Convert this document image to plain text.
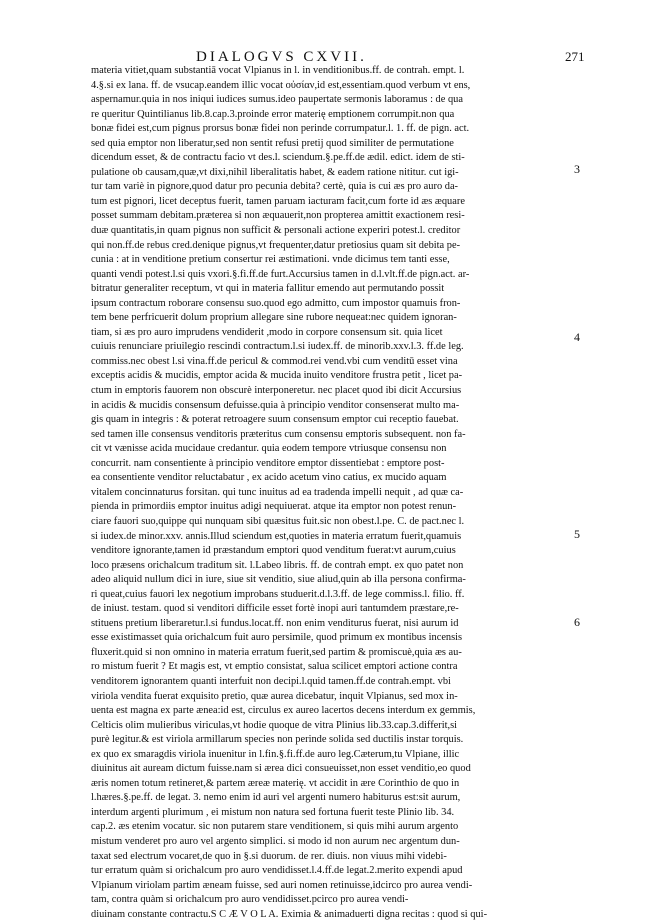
DIALOGVS CXVII.	271
materia vitiet,quam substantiā vocat Vlpianus in l. in venditionibus.ff. de contrah. empt. l.
4.§.si ex lana. ff. de vsucap.eandem illic vocat οὐσίαν,id est,essentiam.quod verbum vt ens,
aspernamur.quia in nos iniqui iudices sumus.ideo paupertate sermonis laboramus : de qua
re queritur Quintilianus lib.8.cap.3.proinde error materię emptionem corrumpit.non qua
bonæ fidei est,cum pignus prorsus bonæ fidei non perinde corrumpatur.l. 1. ff. de pign. act.
sed quia emptor non liberatur,sed non sentit refusi pretij quod similiter de permutatione
dicendum esset, & de contractu facio vt des.l. sciendum.§.pe.ff.de ædil. edict. idem de sti-
pulatione ob causam,quæ,vt dixi,nihil liberalitatis habet, & eadem ratione nititur. cut igi-
tur tam variè in pignore,quod datur pro pecunia debita? certè, quia is cui æs pro auro da-
tum est pignori, licet deceptus fuerit, tamen paruam iacturam facit,cum forte id æs æquare
posset summam debitam.præterea si non æquauerit,non propterea amittit exactionem resi-
duæ quantitatis,in quam pignus non sufficit & personali actione experiri potest.l. creditor
qui non.ff.de rebus cred.denique pignus,vt frequenter,datur pretiosius quam sit debita pe-
cunia : at in venditione pretium consertur rei æstimationi. vnde dicimus tem tanti esse,
quanti vendi potest.l.si quis vxori.§.fi.ff.de furt.Accursius tamen in d.l.vlt.ff.de pign.act. ar-
bitratur generaliter receptum, vt qui in materia fallitur emendo aut permutando possit
ipsum contractum roborare consensu suo.quod ego admitto, cum impostor quamuis fron-
tem bene perfricuerit dolum proprium allegare sine rubore nequeat:nec quidem ignoran-
tiam, si æs pro auro imprudens vendiderit ,modo in corpore consensum sit. quia licet
cuiuis renunciare priuilegio rescindi contractum.l.si iudex.ff. de minorib.xxv.l.3. ff.de leg.
commiss.nec obest l.si vina.ff.de pericul & commod.rei vend.vbi cum venditū esset vina
exceptis acidis & mucidis, emptor acida & mucida inuito venditore frustra petit , licet pa-
ctum in emptoris fauorem non obscurè interponeretur. nec placet quod ibi dicit Accursius
in acidis & mucidis consensum defuisse.quia à principio venditor consenserat multo ma-
gis quam in integris : & poterat retroagere suum consensum emptor cui receptio fauebat.
sed tamen ille consensus venditoris præteritus cum consensu emptoris subsequent. non fa-
cit vt vænisse acida mucidaue credantur. quia eodem tempore vtriusque consensu non
concurrit. nam consentiente à principio venditore emptor dissentiebat : emptore post-
ea consentiente venditor reluctabatur , ex acido acetum vino catius, ex mucido aquam
vitalem concinnaturus forsitan. qui tunc inuitus ad ea tradenda impelli nequit , ad quæ ca-
pienda in primordiis emptor inuitus adigi nequiuerat. atque ita emptor non potest renun-
ciare fauori suo,quippe qui nunquam sibi quæsitus fuit.sic non obest.l.pe. C. de pact.nec l.
si iudex.de minor.xxv. annis.Illud sciendum est,quoties in materia erratum fuerit,quamuis
venditore ignorante,tamen id præstandum emptori quod venditum fuerat:vt aurum,cuius
loco præsens orichalcum traditum sit. l.Labeo libris. ff. de contrah empt. ex quo patet non
adeo aliquid nullum dici in iure, siue sit venditio, siue aliud,quin ab illa persona confirma-
ri queat,cuius fauori lex negotium improbans studuerit.d.l.3.ff. de lege commiss.l. filio. ff.
de iniust. testam. quod si venditori difficile esset fortè inopi auri tantumdem præstare,re-
stituens pretium liberaretur.l.si fundus.locat.ff. non enim venditurus fuerat, nisi aurum id
esse existimasset quia orichalcum fuit auro persimile, quod primum ex montibus incensis
fluxerit.quid si non omnino in materia erratum fuerit,sed partim & promiscuè,quia æs au-
ro mistum fuerit ? Et magis est, vt emptio consistat, salua scilicet emptori actione contra
venditorem ignorantem quanti interfuit non decipi.l.quid tamen.ff.de contrah.empt. vbi
viriola vendita fuerat exquisito pretio, quæ aurea dicebatur, inquit Vlpianus, sed mox in-
uenta est magna ex parte ænea:id est, circulus ex aureo lacertos decens interdum ex gemmis,
Celticis olim mulieribus viriculas,vt hodie quoque de vitra Plinius lib.33.cap.3.differit,si
purè legitur.& est viriola armillarum species non perinde solida sed ductilis instar torquis.
ex quo ex smaragdis viriola inuenitur in l.fin.§.fi.ff.de auro leg.Cæterum,tu Vlpiane, illic
diuinitus ait auream dictum fuisse.nam si ærea dici consueuisset,non esset venditio,eo quod
æris nomen totum retineret,& partem æreæ materię. vt accidit in ære Corinthio de quo in
l.hæres.§.pe.ff. de legat. 3. nemo enim id auri vel argenti numero habiturus est:sit aurum,
interdum argenti plurimum , ei mistum non natura sed fortuna fuerit teste Plinio lib. 34.
cap.2. æs etenim vocatur. sic non putarem stare venditionem, si quis mihi aurum argento
mistum venderet pro auro vel argento simplici. si modo id non aurum nec argentum dun-
taxat sed electrum vocaret,de quo in §.si duorum. de rer. diuis. non viuus mihi videbi-
tur erratum quàm si orichalcum pro auro vendidisset.l.4.ff.de legat.2.merito expendi apud
Vlpianum viriolam partim æneam fuisse, sed auri nomen retinuisse,idcirco pro aurea vendi-
tam, contra quàm si orichalcum pro auro vendidisset.pcirco pro aurea vendi-
diuinam constante contractu.S C Æ V O L A. Eximia & animaduerti digna recitas : quod si qui-
3
4
5
6
